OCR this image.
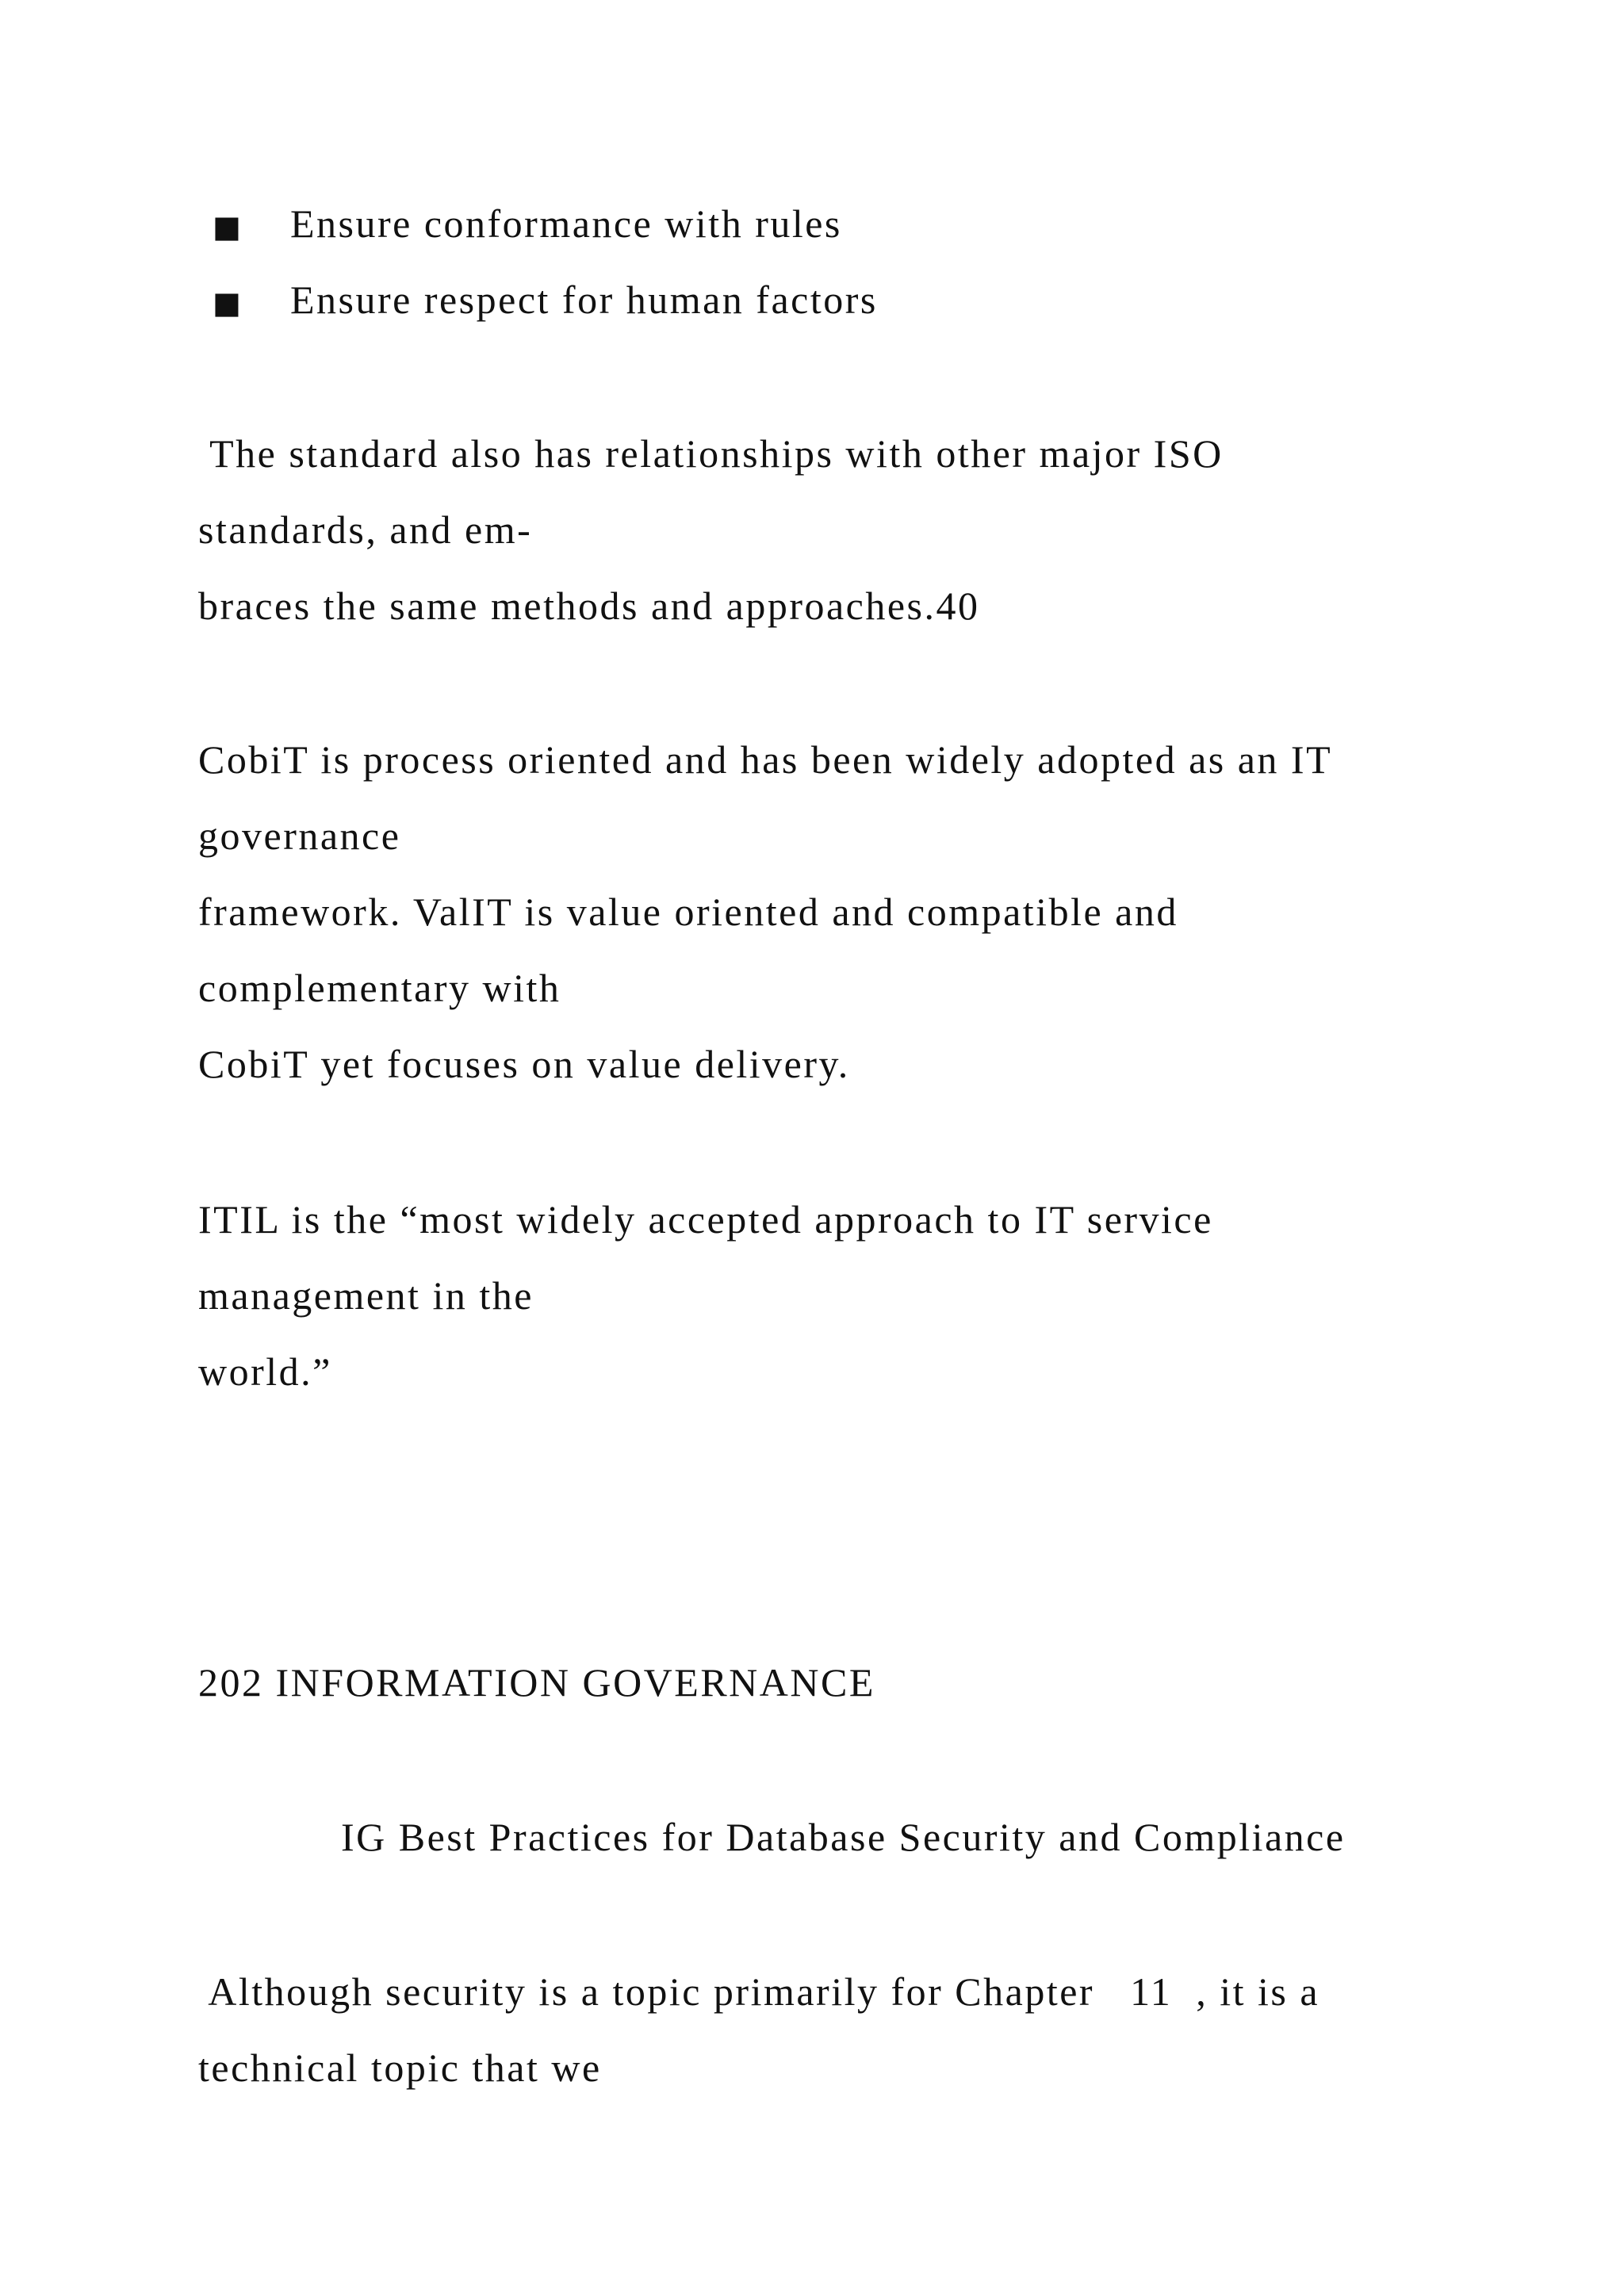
■ Ensure conformance with rules
■ Ensure respect for human factors
The standard also has relationships with other major ISO
standards, and em-
braces the same methods and approaches.40
CobiT is process oriented and has been widely adopted as an IT
governance
framework. ValIT is value oriented and compatible and
complementary with
CobiT yet focuses on value delivery.
ITIL is the “most widely accepted approach to IT service
management in the
world.”
202 INFORMATION GOVERNANCE
IG Best Practices for Database Security and Compliance
Although security is a topic primarily for Chapter   11  , it is a
technical topic that we
